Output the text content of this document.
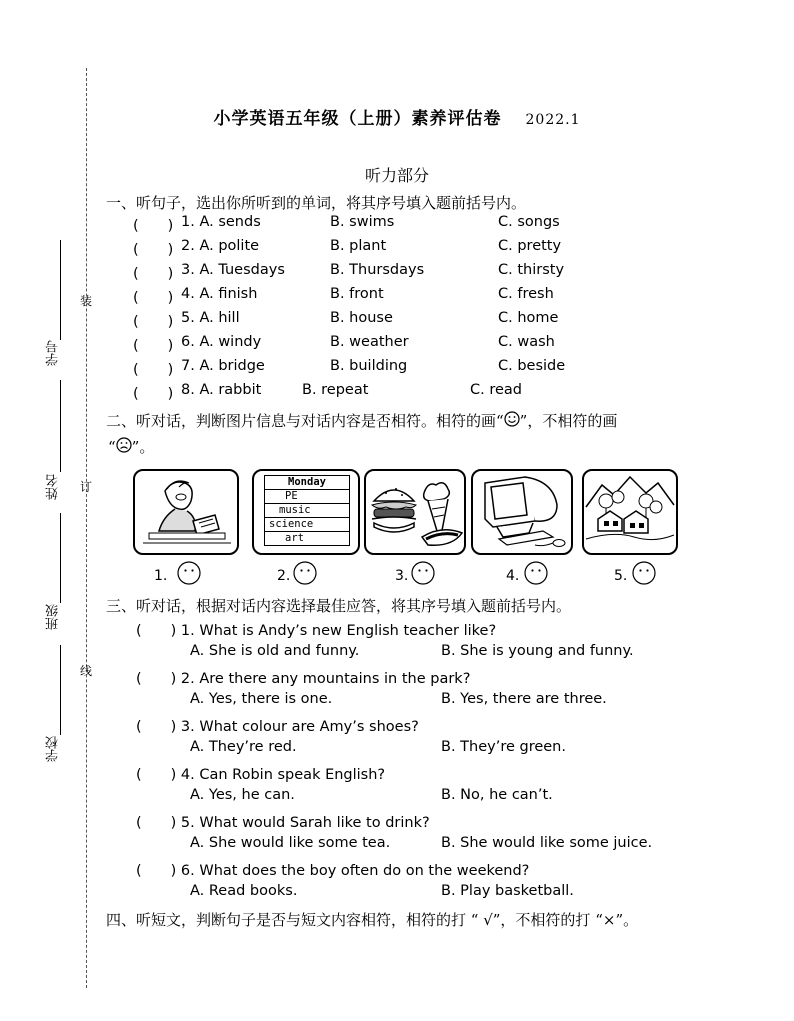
装
订
线
学号
姓名
班级
学校
小学英语五年级（上册）素养评估卷 2022.1
听力部分
一、听句子，选出你所听到的单词，将其序号填入题前括号内。
(　　) 1. A. sends	B. swims	C. songs
(　　) 2. A. polite	B. plant	C. pretty
(　　) 3. A. Tuesdays	B. Thursdays	C. thirsty
(　　) 4. A. finish	B. front	C. fresh
(　　) 5. A. hill	B. house	C. home
(　　) 6. A. windy	B. weather	C. wash
(　　) 7. A. bridge	B. building	C. beside
(　　) 8. A. rabbit	B. repeat	C. read
二、听对话，判断图片信息与对话内容是否相符。相符的画“ ”，不相符的画
“ ”。
Monday
PE
music
science
art
1.	2.	3.	4.	5.
三、听对话，根据对话内容选择最佳应答，将其序号填入题前括号内。
(　　) 1. What is Andy’s new English teacher like?
A. She is old and funny.	B. She is young and funny.
(　　) 2. Are there any mountains in the park?
A. Yes, there is one.	B. Yes, there are three.
(　　) 3. What colour are Amy’s shoes?
A. They’re red.	B. They’re green.
(　　) 4. Can Robin speak English?
A. Yes, he can.	B. No, he can’t.
(　　) 5. What would Sarah like to drink?
A. She would like some tea.	B. She would like some juice.
(　　) 6. What does the boy often do on the weekend?
A. Read books.	B. Play basketball.
四、听短文，判断句子是否与短文内容相符，相符的打 “ √”，不相符的打 “×”。
